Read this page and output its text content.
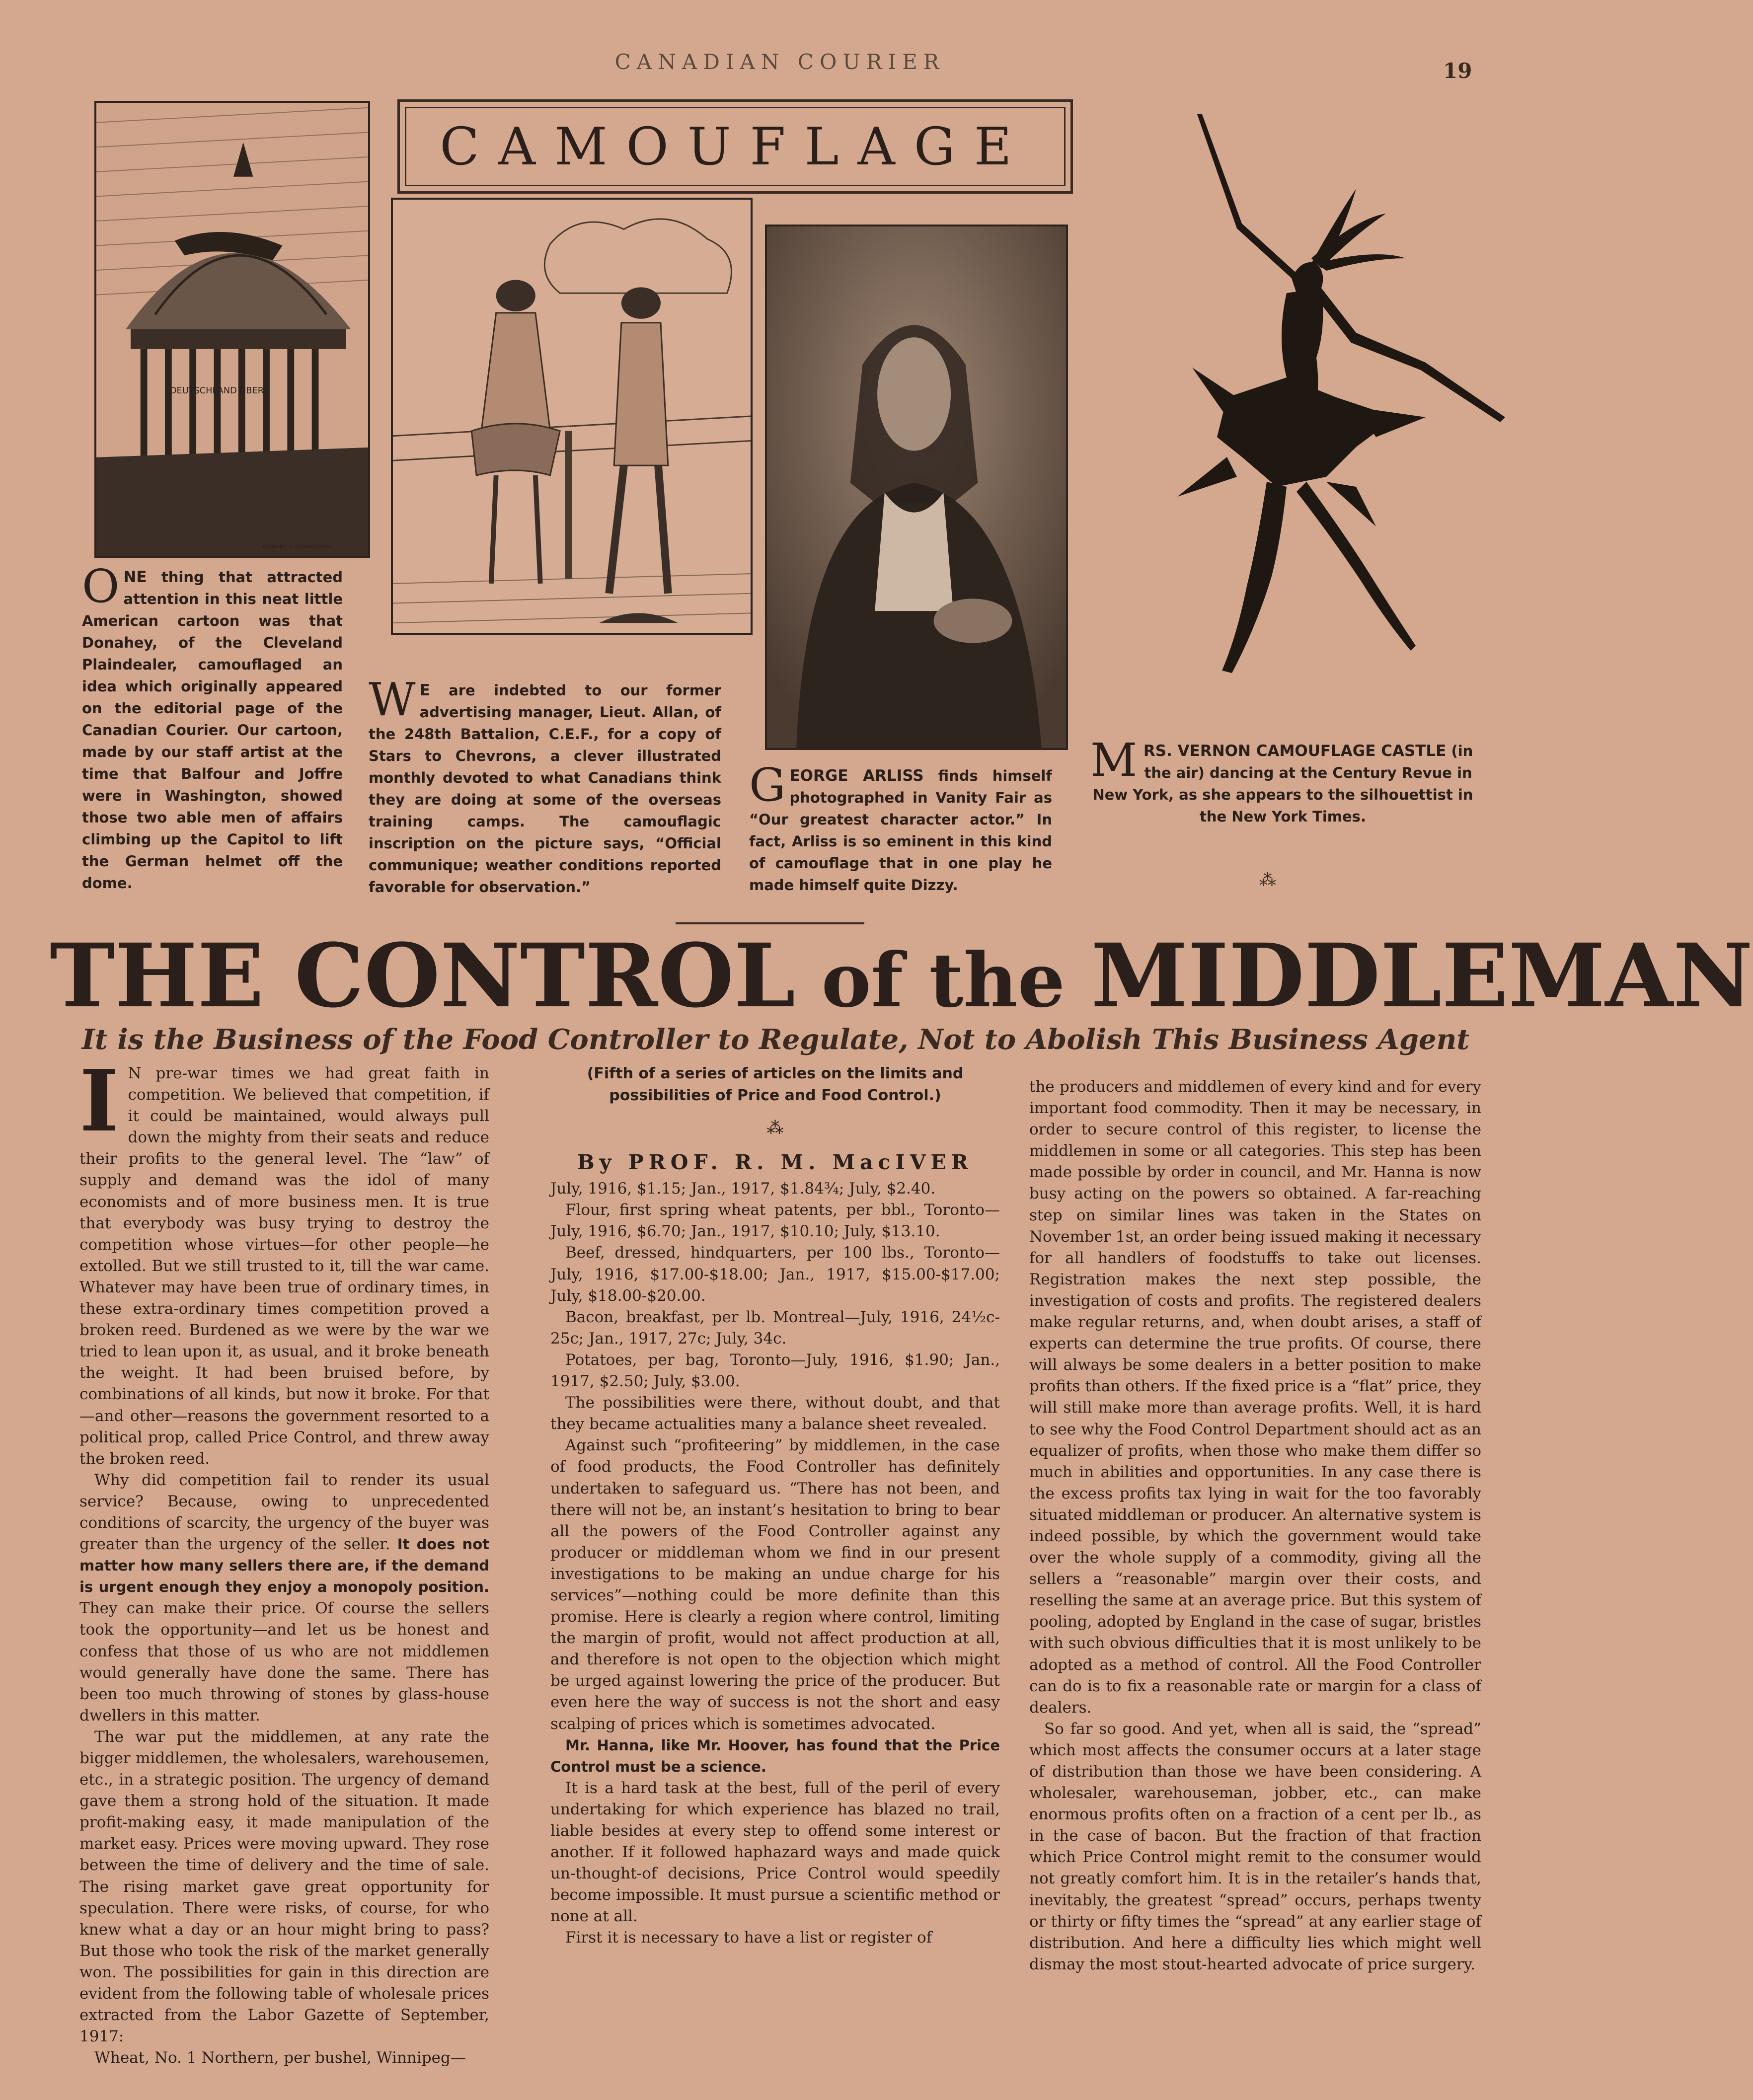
CANADIAN COURIER	19
CAMOUFLAGE
DEUTSCHLAND UBER
DONAHEY in Cleveland Plain
ONE thing that attracted attention in this neat little American cartoon was that Donahey, of the Cleveland Plaindealer, camouflaged an idea which originally appeared on the editorial page of the Canadian Courier. Our cartoon, made by our staff artist at the time that Balfour and Joffre were in Washington, showed those two able men of affairs climbing up the Capitol to lift the German helmet off the dome.
W E are indebted to our former advertising manager, Lieut. Allan, of the 248th Battalion, C.E.F., for a copy of Stars to Chevrons, a clever illustrated monthly devoted to what Canadians think they are doing at some of the overseas training camps. The camouflagic inscription on the picture says, “Official communique; weather conditions reported favorable for observation.”
GEORGE ARLISS finds himself photographed in Vanity Fair as “Our greatest character actor.” In fact, Arliss is so eminent in this kind of camouflage that in one play he made himself quite Dizzy.
MRS. VERNON CAMOUFLAGE CASTLE (in the air) dancing at the Century Revue in New York, as she appears to the silhouettist in the New York Times.
⁂
THE CONTROL of the MIDDLEMAN
It is the Business of the Food Controller to Regulate, Not to Abolish This Business Agent

I N pre-war times we had great faith in competition. We believed that competition, if it could be maintained, would always pull down the mighty from their seats and reduce their profits to the general level. The “law” of supply and demand was the idol of many economists and of more business men. It is true that everybody was busy trying to destroy the competition whose virtues—for other people—he extolled. But we still trusted to it, till the war came. Whatever may have been true of ordinary times, in these extra-ordinary times competition proved a broken reed. Burdened as we were by the war we tried to lean upon it, as usual, and it broke beneath the weight. It had been bruised before, by combinations of all kinds, but now it broke. For that—and other—reasons the government resorted to a political prop, called Price Control, and threw away the broken reed.

Why did competition fail to render its usual service? Because, owing to unprecedented conditions of scarcity, the urgency of the buyer was greater than the urgency of the seller. It does not matter how many sellers there are, if the demand is urgent enough they enjoy a monopoly position. They can make their price. Of course the sellers took the opportunity—and let us be honest and confess that those of us who are not middlemen would generally have done the same. There has been too much throwing of stones by glass-house dwellers in this matter.

The war put the middlemen, at any rate the bigger middlemen, the wholesalers, warehousemen, etc., in a strategic position. The urgency of demand gave them a strong hold of the situation. It made profit-making easy, it made manipulation of the market easy. Prices were moving upward. They rose between the time of delivery and the time of sale. The rising market gave great opportunity for speculation. There were risks, of course, for who knew what a day or an hour might bring to pass? But those who took the risk of the market generally won. The possibilities for gain in this direction are evident from the following table of wholesale prices extracted from the Labor Gazette of September, 1917:

Wheat, No. 1 Northern, per bushel, Winnipeg—

(Fifth of a series of articles on the limits and possibilities of Price and Food Control.)
⁂
By PROF. R. M. MacIVER

July, 1916, $1.15; Jan., 1917, $1.84¾; July, $2.40.

Flour, first spring wheat patents, per bbl., Toronto—July, 1916, $6.70; Jan., 1917, $10.10; July, $13.10.

Beef, dressed, hindquarters, per 100 lbs., Toronto—July, 1916, $17.00-$18.00; Jan., 1917, $15.00-$17.00; July, $18.00-$20.00.

Bacon, breakfast, per lb. Montreal—July, 1916, 24½c-25c; Jan., 1917, 27c; July, 34c.

Potatoes, per bag, Toronto—July, 1916, $1.90; Jan., 1917, $2.50; July, $3.00.

The possibilities were there, without doubt, and that they became actualities many a balance sheet revealed.

Against such “profiteering” by middlemen, in the case of food products, the Food Controller has definitely undertaken to safeguard us. “There has not been, and there will not be, an instant’s hesitation to bring to bear all the powers of the Food Controller against any producer or middleman whom we find in our present investigations to be making an undue charge for his services”—nothing could be more definite than this promise. Here is clearly a region where control, limiting the margin of profit, would not affect production at all, and therefore is not open to the objection which might be urged against lowering the price of the producer. But even here the way of success is not the short and easy scalping of prices which is sometimes advocated.

Mr. Hanna, like Mr. Hoover, has found that the Price Control must be a science.

It is a hard task at the best, full of the peril of every undertaking for which experience has blazed no trail, liable besides at every step to offend some interest or another. If it followed haphazard ways and made quick un-thought-of decisions, Price Control would speedily become impossible. It must pursue a scientific method or none at all.

First it is necessary to have a list or register of

the producers and middlemen of every kind and for every important food commodity. Then it may be necessary, in order to secure control of this register, to license the middlemen in some or all categories. This step has been made possible by order in council, and Mr. Hanna is now busy acting on the powers so obtained. A far-reaching step on similar lines was taken in the States on November 1st, an order being issued making it necessary for all handlers of foodstuffs to take out licenses. Registration makes the next step possible, the investigation of costs and profits. The registered dealers make regular returns, and, when doubt arises, a staff of experts can determine the true profits. Of course, there will always be some dealers in a better position to make profits than others. If the fixed price is a “flat” price, they will still make more than average profits. Well, it is hard to see why the Food Control Department should act as an equalizer of profits, when those who make them differ so much in abilities and opportunities. In any case there is the excess profits tax lying in wait for the too favorably situated middleman or producer. An alternative system is indeed possible, by which the government would take over the whole supply of a commodity, giving all the sellers a “reasonable” margin over their costs, and reselling the same at an average price. But this system of pooling, adopted by England in the case of sugar, bristles with such obvious difficulties that it is most unlikely to be adopted as a method of control. All the Food Controller can do is to fix a reasonable rate or margin for a class of dealers.

So far so good. And yet, when all is said, the “spread” which most affects the consumer occurs at a later stage of distribution than those we have been considering. A wholesaler, warehouseman, jobber, etc., can make enormous profits often on a fraction of a cent per lb., as in the case of bacon. But the fraction of that fraction which Price Control might remit to the consumer would not greatly comfort him. It is in the retailer’s hands that, inevitably, the greatest “spread” occurs, perhaps twenty or thirty or fifty times the “spread” at any earlier stage of distribution. And here a difficulty lies which might well dismay the most stout-hearted advocate of price surgery.
